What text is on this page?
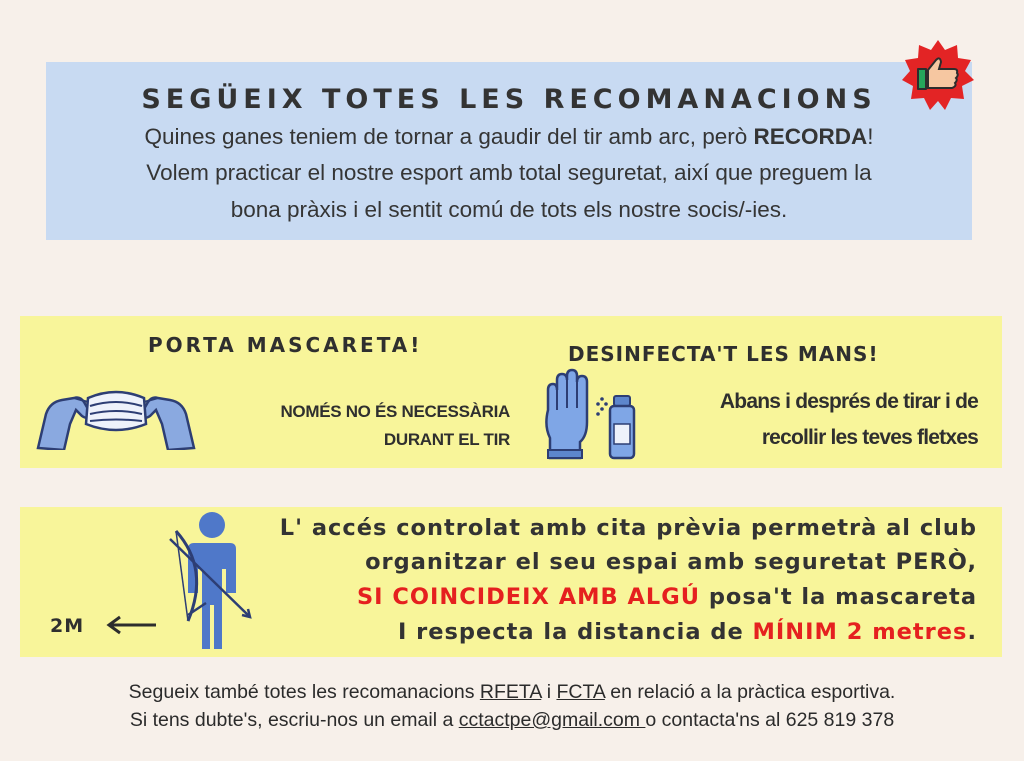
SEGÜEIX TOTES LES RECOMANACIONS
Quines ganes teniem de tornar a gaudir del tir amb arc, però RECORDA!
Volem practicar el nostre esport amb total seguretat, així que preguem la
bona pràxis i el sentit comú de tots els nostre socis/-ies.
PORTA MASCARETA!
NOMÉS NO ÉS NECESSÀRIA
DURANT EL TIR
DESINFECTA'T LES MANS!
Abans i després de tirar i de
recollir les teves fletxes
L' accés controlat amb cita prèvia permetrà al club
organitzar el seu espai amb seguretat PERÒ,
SI COINCIDEIX AMB ALGÚ posa't la mascareta
I respecta la distancia de MÍNIM 2 metres.
2M
Segueix també totes les recomanacions RFETA i FCTA en relació a la pràctica esportiva.
Si tens dubte's, escriu-nos un email a cctactpe@gmail.com o contacta'ns al 625 819 378
